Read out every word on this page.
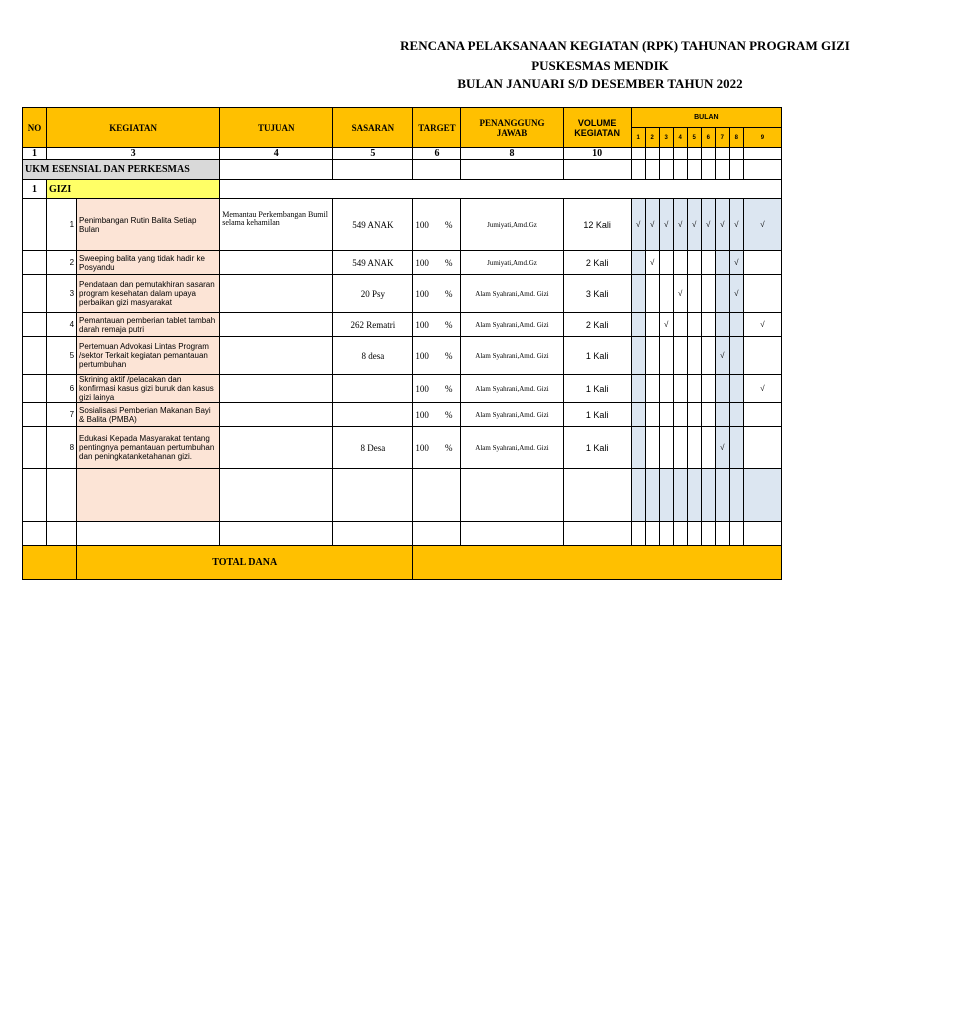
RENCANA PELAKSANAAN KEGIATAN (RPK) TAHUNAN PROGRAM GIZI
PUSKESMAS MENDIK
BULAN JANUARI S/D DESEMBER TAHUN 2022
NO	KEGIATAN		TUJUAN	SASARAN	TARGET	PENANGGUNG JAWAB	VOLUME KEGIATAN	BULAN								
								1	2	3	4	5	6	7	8	9
1	3		4	5	6	8	10									
UKM ESENSIAL DAN PERKESMAS																
1	GIZI															
	1	Penimbangan Rutin Balita Setiap Bulan	Memantau Perkembangan Bumil selama kehamilan	549 ANAK	100 %	Jumiyati,Amd.Gz	12 Kali	√	√	√	√	√	√	√	√	√
	2	Sweeping balita yang tidak hadir ke Posyandu		549 ANAK	100 %	Jumiyati,Amd.Gz	2 Kali		√						√	
	3	Pendataan dan pemutakhiran sasaran program kesehatan dalam upaya perbaikan gizi masyarakat		20 Psy	100 %	Alam Syahrani,Amd. Gizi	3 Kali				√				√	
	4	Pemantauan pemberian tablet tambah darah remaja putri		262 Rematri	100 %	Alam Syahrani,Amd. Gizi	2 Kali			√						√
	5	Pertemuan Advokasi Lintas Program /sektor Terkait kegiatan pemantauan pertumbuhan		8 desa	100 %	Alam Syahrani,Amd. Gizi	1 Kali							√		
	6	Skrining aktif /pelacakan dan konfirmasi kasus gizi buruk dan kasus gizi lainya			100 %	Alam Syahrani,Amd. Gizi	1 Kali									√
	7	Sosialisasi Pemberian Makanan Bayi & Balita (PMBA)			100 %	Alam Syahrani,Amd. Gizi	1 Kali									
	8	Edukasi Kepada Masyarakat tentang pentingnya pemantauan pertumbuhan dan peningkatanketahanan gizi.		8 Desa	100 %	Alam Syahrani,Amd. Gizi	1 Kali							√		

		TOTAL DANA														
